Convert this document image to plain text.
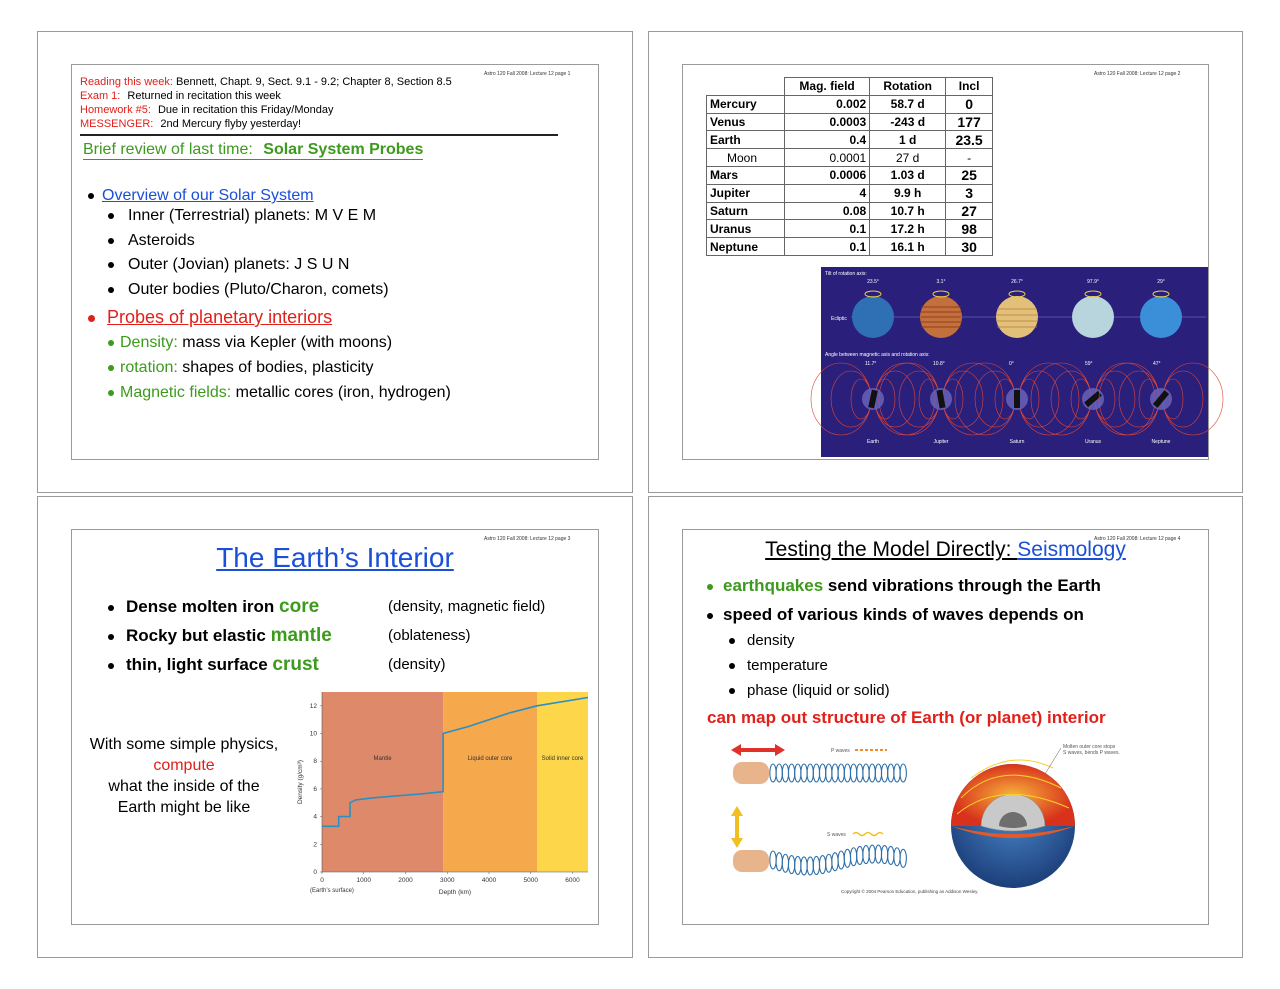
Astro 120 Fall 2008: Lecture 12 page 1
Reading this week: Bennett, Chapt. 9, Sect. 9.1 - 9.2; Chapter 8, Section 8.5
Exam 1: Returned in recitation this week
Homework #5: Due in recitation this Friday/Monday
MESSENGER: 2nd Mercury flyby yesterday!
Brief review of last time: Solar System Probes
Overview of our Solar System
Inner (Terrestrial) planets: M V E M
Asteroids
Outer (Jovian) planets: J S U N
Outer bodies (Pluto/Charon, comets)
Probes of planetary interiors
Density: mass via Kepler (with moons)
rotation: shapes of bodies, plasticity
Magnetic fields: metallic cores (iron, hydrogen)
Astro 120 Fall 2008: Lecture 12 page 2
	Mag. field	Rotation	Incl
Mercury	0.002	58.7 d	0
Venus	0.0003	-243 d	177
Earth	0.4	1 d	23.5
Moon	0.0001	27 d	-
Mars	0.0006	1.03 d	25
Jupiter	4	9.9 h	3
Saturn	0.08	10.7 h	27
Uranus	0.1	17.2 h	98
Neptune	0.1	16.1 h	30
Tilt of rotation axis:
Ecliptic
Angle between magnetic axis and rotation axis:
23.5°
11.7°
Earth
3.1°
10.8°
Jupiter
26.7°
0°
Saturn
97.9°
59°
Uranus
29°
47°
Neptune
Astro 120 Fall 2008: Lecture 12 page 3
The Earth’s Interior
Dense molten iron core	(density, magnetic field)
Rocky but elastic mantle	(oblateness)
thin, light surface crust	(density)
With some simple physics,
compute
what the inside of the
Earth might be like
Mantle	Liquid outer core	Solid inner core
0
2
4
6
8
10
12
0	1000	2000	3000	4000	5000	6000
Depth (km)
Density (g/cm³)
(Earth’s surface)
Astro 120 Fall 2008: Lecture 12 page 4
Testing the Model Directly: Seismology
earthquakes send vibrations through the Earth
speed of various kinds of waves depends on
density
temperature
phase (liquid or solid)
can map out structure of Earth (or planet) interior
P waves
S waves
Molten outer core stops
S waves, bends P waves.
Copyright © 2004 Pearson Education, publishing as Addison Wesley.
